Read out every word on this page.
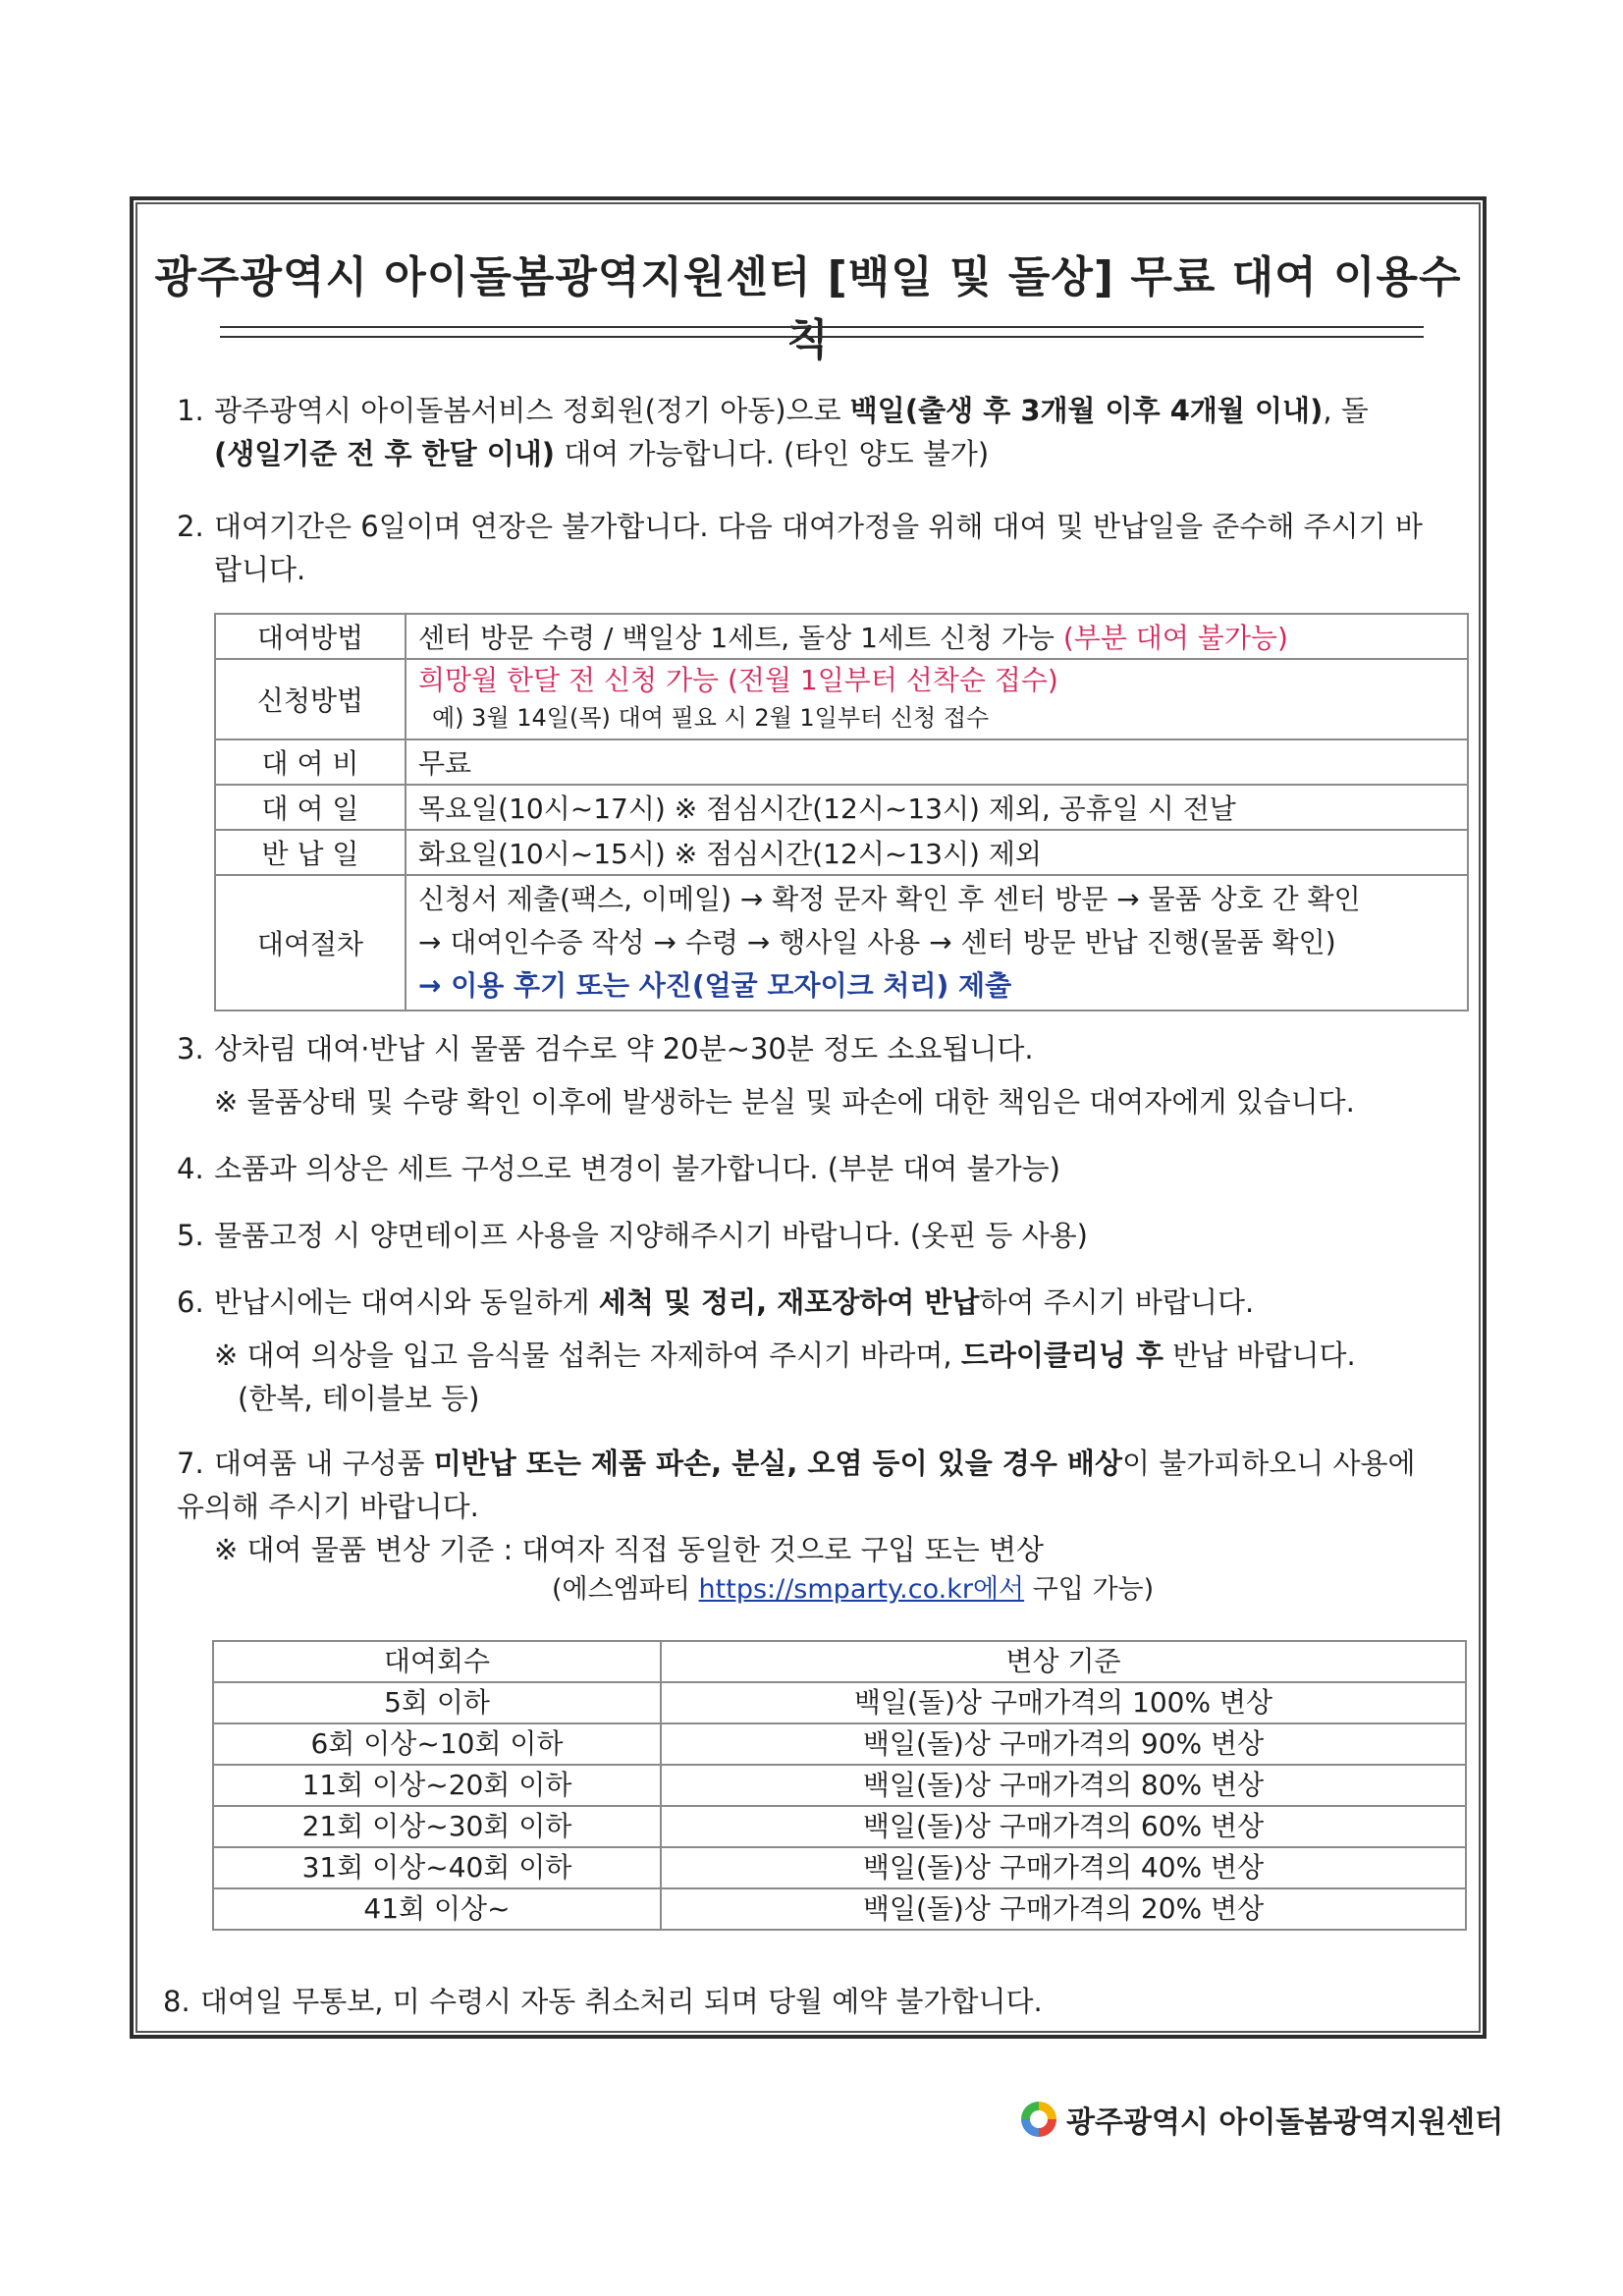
광주광역시 아이돌봄광역지원센터 [백일 및 돌상] 무료 대여 이용수칙
1. 광주광역시 아이돌봄서비스 정회원(정기 아동)으로 백일(출생 후 3개월 이후 4개월 이내), 돌
(생일기준 전 후 한달 이내) 대여 가능합니다. (타인 양도 불가)
2. 대여기간은 6일이며 연장은 불가합니다. 다음 대여가정을 위해 대여 및 반납일을 준수해 주시기 바랍니다.
대여방법	센터 방문 수령 / 백일상 1세트, 돌상 1세트 신청 가능 (부분 대여 불가능)
신청방법	희망월 한달 전 신청 가능 (전월 1일부터 선착순 접수)
예) 3월 14일(목) 대여 필요 시 2월 1일부터 신청 접수

대 여 비	무료
대 여 일	목요일(10시~17시) ※ 점심시간(12시~13시) 제외, 공휴일 시 전날
반 납 일	화요일(10시~15시) ※ 점심시간(12시~13시) 제외
대여절차	신청서 제출(팩스, 이메일) → 확정 문자 확인 후 센터 방문 → 물품 상호 간 확인
→ 대여인수증 작성 → 수령 → 행사일 사용 → 센터 방문 반납 진행(물품 확인)
→ 이용 후기 또는 사진(얼굴 모자이크 처리) 제출
3. 상차림 대여·반납 시 물품 검수로 약 20분~30분 정도 소요됩니다.
※ 물품상태 및 수량 확인 이후에 발생하는 분실 및 파손에 대한 책임은 대여자에게 있습니다.
4. 소품과 의상은 세트 구성으로 변경이 불가합니다. (부분 대여 불가능)
5. 물품고정 시 양면테이프 사용을 지양해주시기 바랍니다. (옷핀 등 사용)
6. 반납시에는 대여시와 동일하게 세척 및 정리, 재포장하여 반납하여 주시기 바랍니다.
※ 대여 의상을 입고 음식물 섭취는 자제하여 주시기 바라며, 드라이클리닝 후 반납 바랍니다.
(한복, 테이블보 등)
7. 대여품 내 구성품 미반납 또는 제품 파손, 분실, 오염 등이 있을 경우 배상이 불가피하오니 사용에 유의해 주시기 바랍니다.
※ 대여 물품 변상 기준 : 대여자 직접 동일한 것으로 구입 또는 변상
(에스엠파티 https://smparty.co.kr에서 구입 가능)
대여회수	변상 기준
5회 이하	백일(돌)상 구매가격의 100% 변상
6회 이상~10회 이하	백일(돌)상 구매가격의 90% 변상
11회 이상~20회 이하	백일(돌)상 구매가격의 80% 변상
21회 이상~30회 이하	백일(돌)상 구매가격의 60% 변상
31회 이상~40회 이하	백일(돌)상 구매가격의 40% 변상
41회 이상~	백일(돌)상 구매가격의 20% 변상
8. 대여일 무통보, 미 수령시 자동 취소처리 되며 당월 예약 불가합니다.
광주광역시 아이돌봄광역지원센터
